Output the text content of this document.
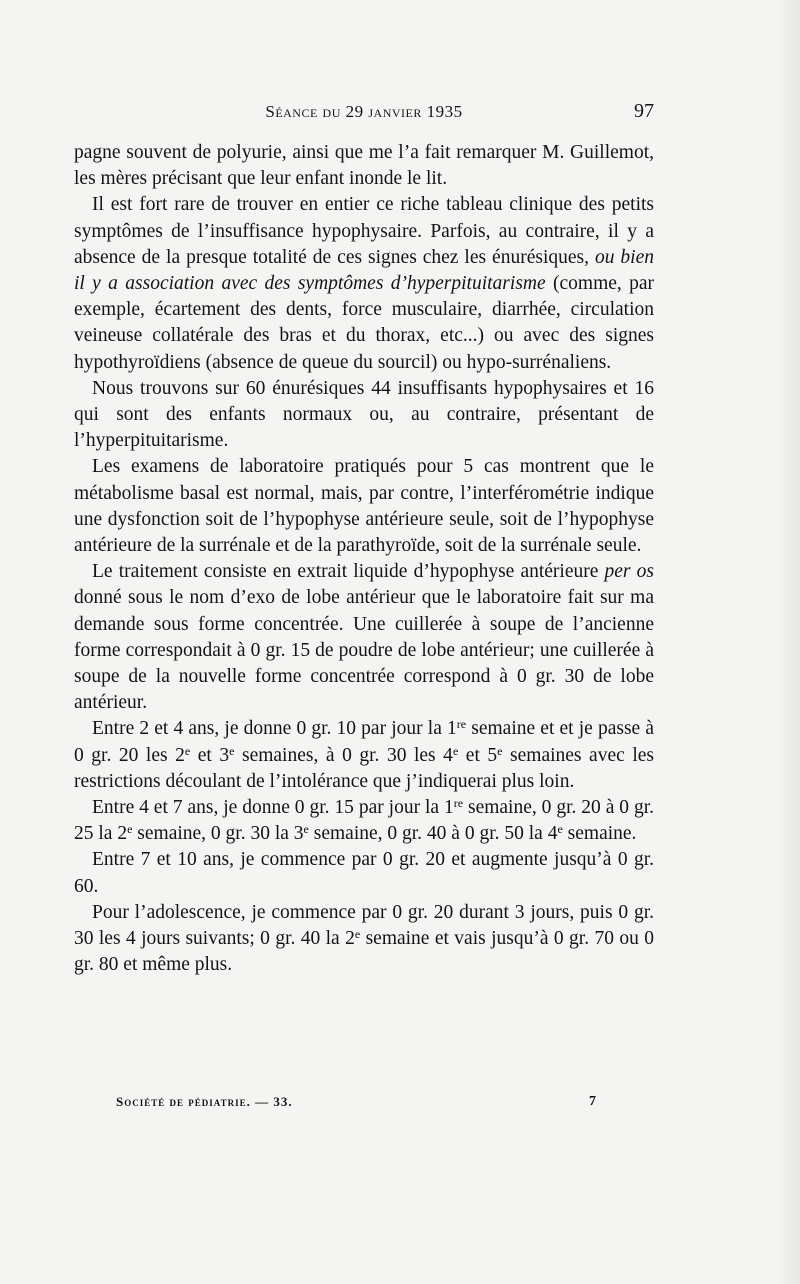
Séance du 29 janvier 1935	97

pagne souvent de polyurie, ainsi que me l’a fait remarquer M. Guillemot, les mères précisant que leur enfant inonde le lit.

Il est fort rare de trouver en entier ce riche tableau clinique des petits symptômes de l’insuffisance hypophysaire. Parfois, au contraire, il y a absence de la presque totalité de ces signes chez les énurésiques, ou bien il y a association avec des symptômes d’hyperpituitarisme (comme, par exemple, écartement des dents, force musculaire, diarrhée, circulation veineuse collatérale des bras et du thorax, etc...) ou avec des signes hypothyroïdiens (absence de queue du sourcil) ou hypo-surrénaliens.

Nous trouvons sur 60 énurésiques 44 insuffisants hypophysaires et 16 qui sont des enfants normaux ou, au contraire, présentant de l’hyperpituitarisme.

Les examens de laboratoire pratiqués pour 5 cas montrent que le métabolisme basal est normal, mais, par contre, l’interférométrie indique une dysfonction soit de l’hypophyse antérieure seule, soit de l’hypophyse antérieure de la surrénale et de la parathyroïde, soit de la surrénale seule.

Le traitement consiste en extrait liquide d’hypophyse antérieure per os donné sous le nom d’exo de lobe antérieur que le laboratoire fait sur ma demande sous forme concentrée. Une cuillerée à soupe de l’ancienne forme correspondait à 0 gr. 15 de poudre de lobe antérieur; une cuillerée à soupe de la nouvelle forme concentrée correspond à 0 gr. 30 de lobe antérieur.

Entre 2 et 4 ans, je donne 0 gr. 10 par jour la 1re semaine et et je passe à 0 gr. 20 les 2e et 3e semaines, à 0 gr. 30 les 4e et 5e semaines avec les restrictions découlant de l’intolérance que j’indiquerai plus loin.

Entre 4 et 7 ans, je donne 0 gr. 15 par jour la 1re semaine, 0 gr. 20 à 0 gr. 25 la 2e semaine, 0 gr. 30 la 3e semaine, 0 gr. 40 à 0 gr. 50 la 4e semaine.

Entre 7 et 10 ans, je commence par 0 gr. 20 et augmente jusqu’à 0 gr. 60.

Pour l’adolescence, je commence par 0 gr. 20 durant 3 jours, puis 0 gr. 30 les 4 jours suivants; 0 gr. 40 la 2e semaine et vais jusqu’à 0 gr. 70 ou 0 gr. 80 et même plus.

Société de pédiatrie. — 33.	7
